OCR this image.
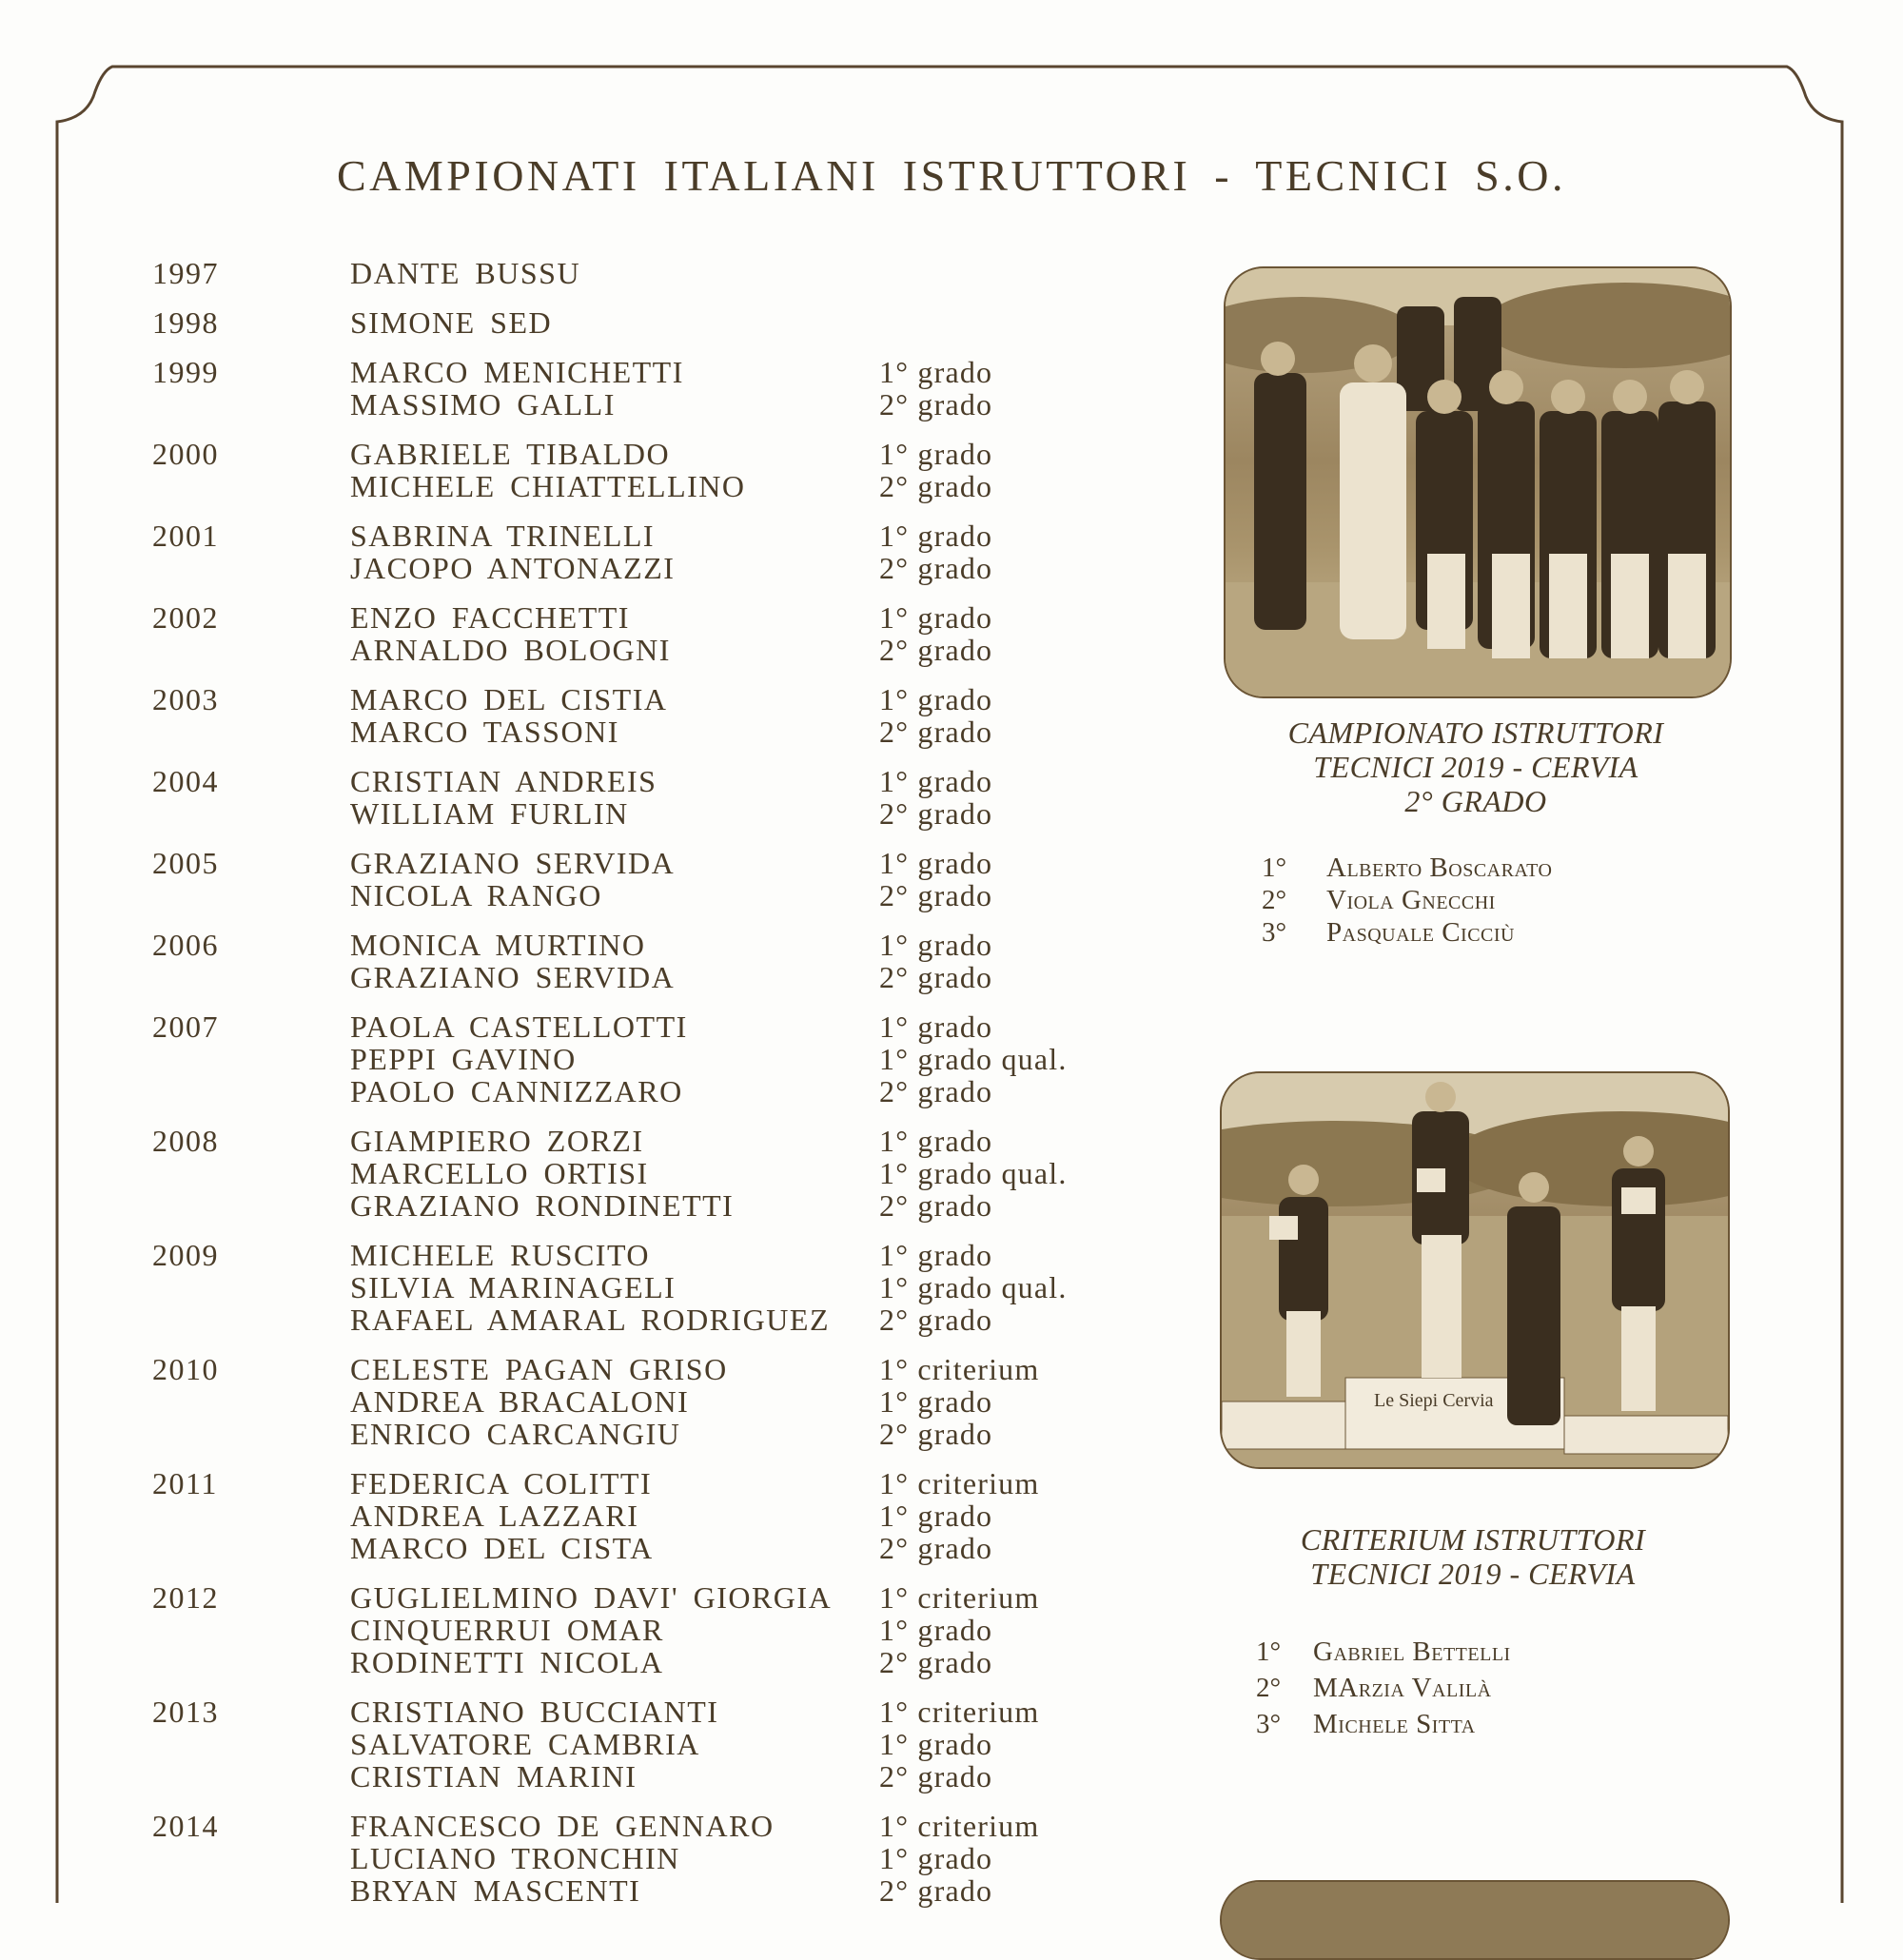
CAMPIONATI ITALIANI ISTRUTTORI - TECNICI S.O.
1997	DANTE BUSSU
1998	SIMONE SED
1999	MARCO MENICHETTI	1° grado
MASSIMO GALLI	2° grado
2000	GABRIELE TIBALDO	1° grado
MICHELE CHIATTELLINO	2° grado
2001	SABRINA TRINELLI	1° grado
JACOPO ANTONAZZI	2° grado
2002	ENZO FACCHETTI	1° grado
ARNALDO BOLOGNI	2° grado
2003	MARCO DEL CISTIA	1° grado
MARCO TASSONI	2° grado
2004	CRISTIAN ANDREIS	1° grado
WILLIAM FURLIN	2° grado
2005	GRAZIANO SERVIDA	1° grado
NICOLA RANGO	2° grado
2006	MONICA MURTINO	1° grado
GRAZIANO SERVIDA	2° grado
2007	PAOLA CASTELLOTTI	1° grado
PEPPI GAVINO	1° grado qual.
PAOLO CANNIZZARO	2° grado
2008	GIAMPIERO ZORZI	1° grado
MARCELLO ORTISI	1° grado qual.
GRAZIANO RONDINETTI	2° grado
2009	MICHELE RUSCITO	1° grado
SILVIA MARINAGELI	1° grado qual.
RAFAEL AMARAL RODRIGUEZ 2° grado
2010	CELESTE PAGAN GRISO	1° criterium
ANDREA BRACALONI	1° grado
ENRICO CARCANGIU	2° grado
2011	FEDERICA COLITTI	1° criterium
ANDREA LAZZARI	1° grado
MARCO DEL CISTA	2° grado
2012	GUGLIELMINO DAVI' GIORGIA 1° criterium
CINQUERRUI OMAR	1° grado
RODINETTI NICOLA	2° grado
2013	CRISTIANO BUCCIANTI	1° criterium
SALVATORE CAMBRIA	1° grado
CRISTIAN MARINI	2° grado
2014	FRANCESCO DE GENNARO	1° criterium
LUCIANO TRONCHIN	1° grado
BRYAN MASCENTI	2° grado
CAMPIONATO ISTRUTTORI
TECNICI 2019 - CERVIA
2° GRADO
1° Alberto Boscarato
2° Viola Gnecchi
3° Pasquale Cicciù
Le Siepi Cervia
CRITERIUM ISTRUTTORI
TECNICI 2019 - CERVIA
1° Gabriel Bettelli
2° MArzia Valilà
3° Michele Sitta
